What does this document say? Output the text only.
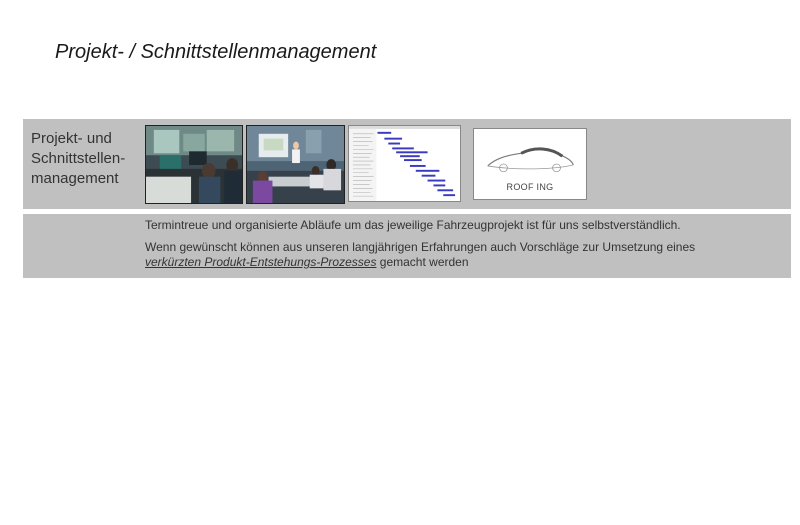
Projekt- / Schnittstellenmanagement
Projekt- und
Schnittstellen-
management	ROOF ING

Termintreue und organisierte Abläufe um das jeweilige Fahrzeugprojekt ist für uns selbstverständlich.

Wenn gewünscht können aus unseren langjährigen Erfahrungen auch Vorschläge zur Umsetzung eines
verkürzten Produkt-Entstehungs-Prozesses gemacht werden
